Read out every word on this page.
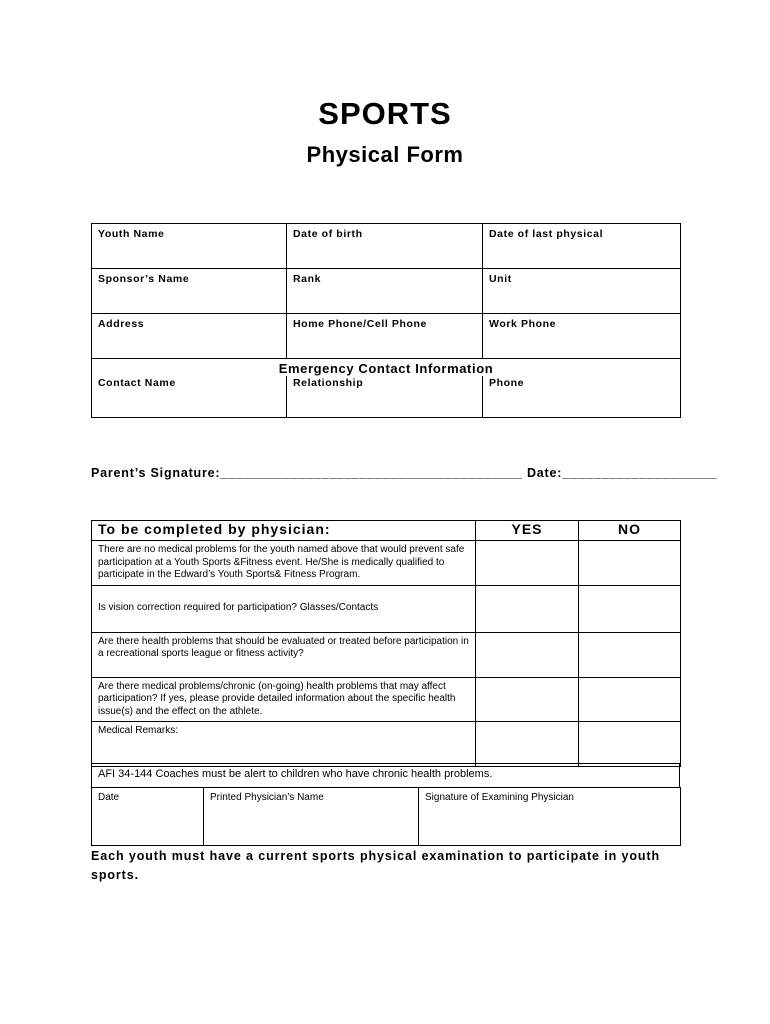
SPORTS
Physical Form
Youth Name	Date of birth	Date of last physical
Sponsor’s Name	Rank	Unit
Address	Home Phone/Cell Phone	Work Phone
Emergency Contact Information		
Contact Name	Relationship	Phone
Parent’s Signature:_______________________________________ Date:____________________
To be completed by physician:	YES	NO
There are no medical problems for the youth named above that would prevent safe participation at a Youth Sports &Fitness event. He/She is medically qualified to participate in the Edward’s Youth Sports& Fitness Program.		
Is vision correction required for participation? Glasses/Contacts		
Are there health problems that should be evaluated or treated before participation in a recreational sports league or fitness activity?		
Are there medical problems/chronic (on-going) health problems that may affect participation? If yes, please provide detailed information about the specific health issue(s) and the effect on the athlete.		
Medical Remarks:		
AFI 34-144 Coaches must be alert to children who have chronic health problems.
Date	Printed Physician’s Name	Signature of Examining Physician
Each youth must have a current sports physical examination to participate in youth sports.
